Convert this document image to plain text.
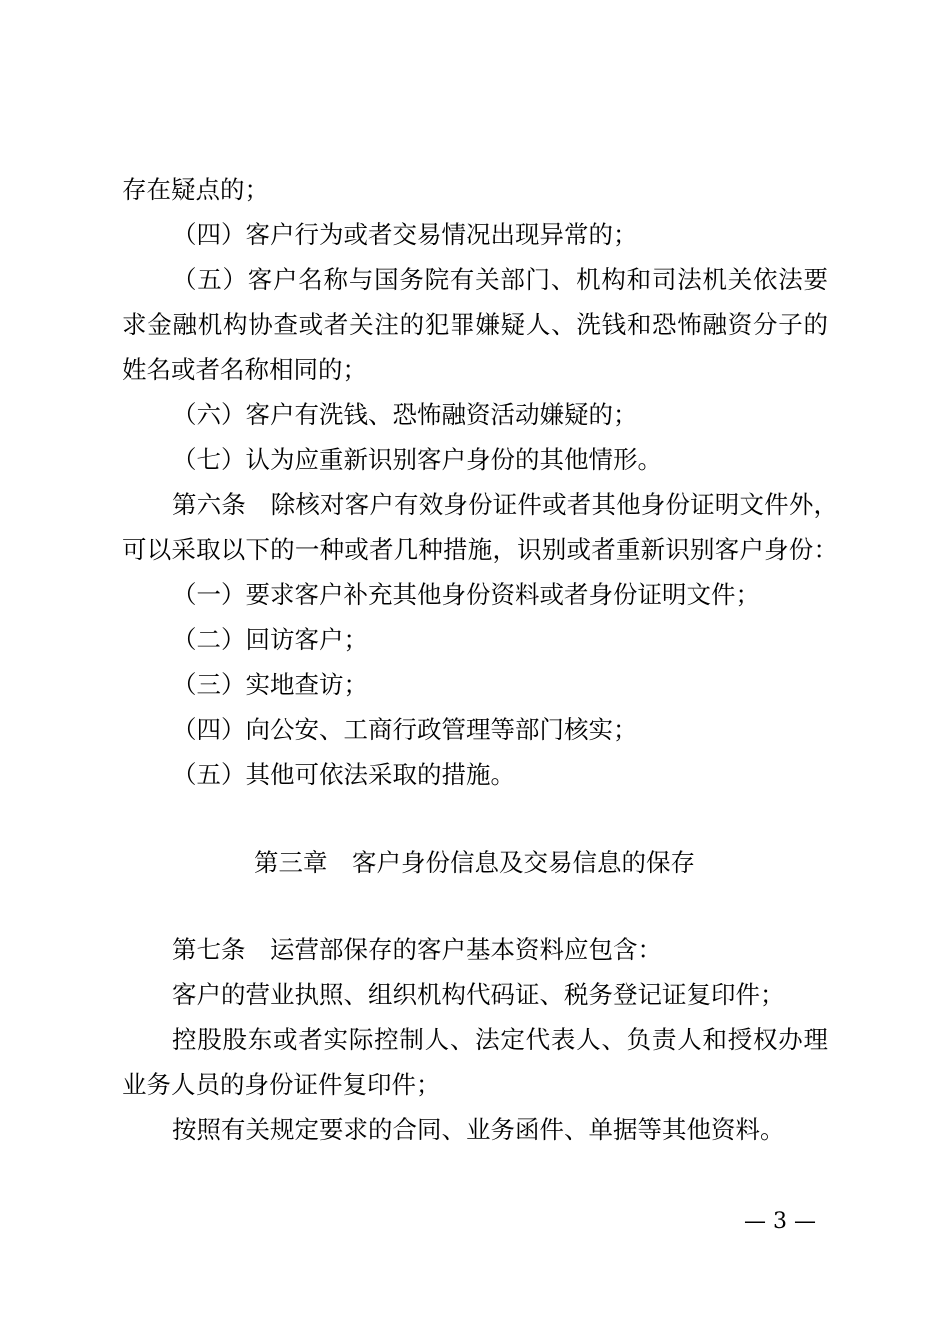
存在疑点的；
（四）客户行为或者交易情况出现异常的；
（五）客户名称与国务院有关部门、机构和司法机关依法要
求金融机构协查或者关注的犯罪嫌疑人、洗钱和恐怖融资分子的
姓名或者名称相同的；
（六）客户有洗钱、恐怖融资活动嫌疑的；
（七）认为应重新识别客户身份的其他情形。
第六条　除核对客户有效身份证件或者其他身份证明文件外，
可以采取以下的一种或者几种措施，识别或者重新识别客户身份：
（一）要求客户补充其他身份资料或者身份证明文件；
（二）回访客户；
（三）实地查访；
（四）向公安、工商行政管理等部门核实；
（五）其他可依法采取的措施。
第三章　客户身份信息及交易信息的保存
第七条　运营部保存的客户基本资料应包含：
客户的营业执照、组织机构代码证、税务登记证复印件；
控股股东或者实际控制人、法定代表人、负责人和授权办理
业务人员的身份证件复印件；
按照有关规定要求的合同、业务函件、单据等其他资料。
— 3 —
